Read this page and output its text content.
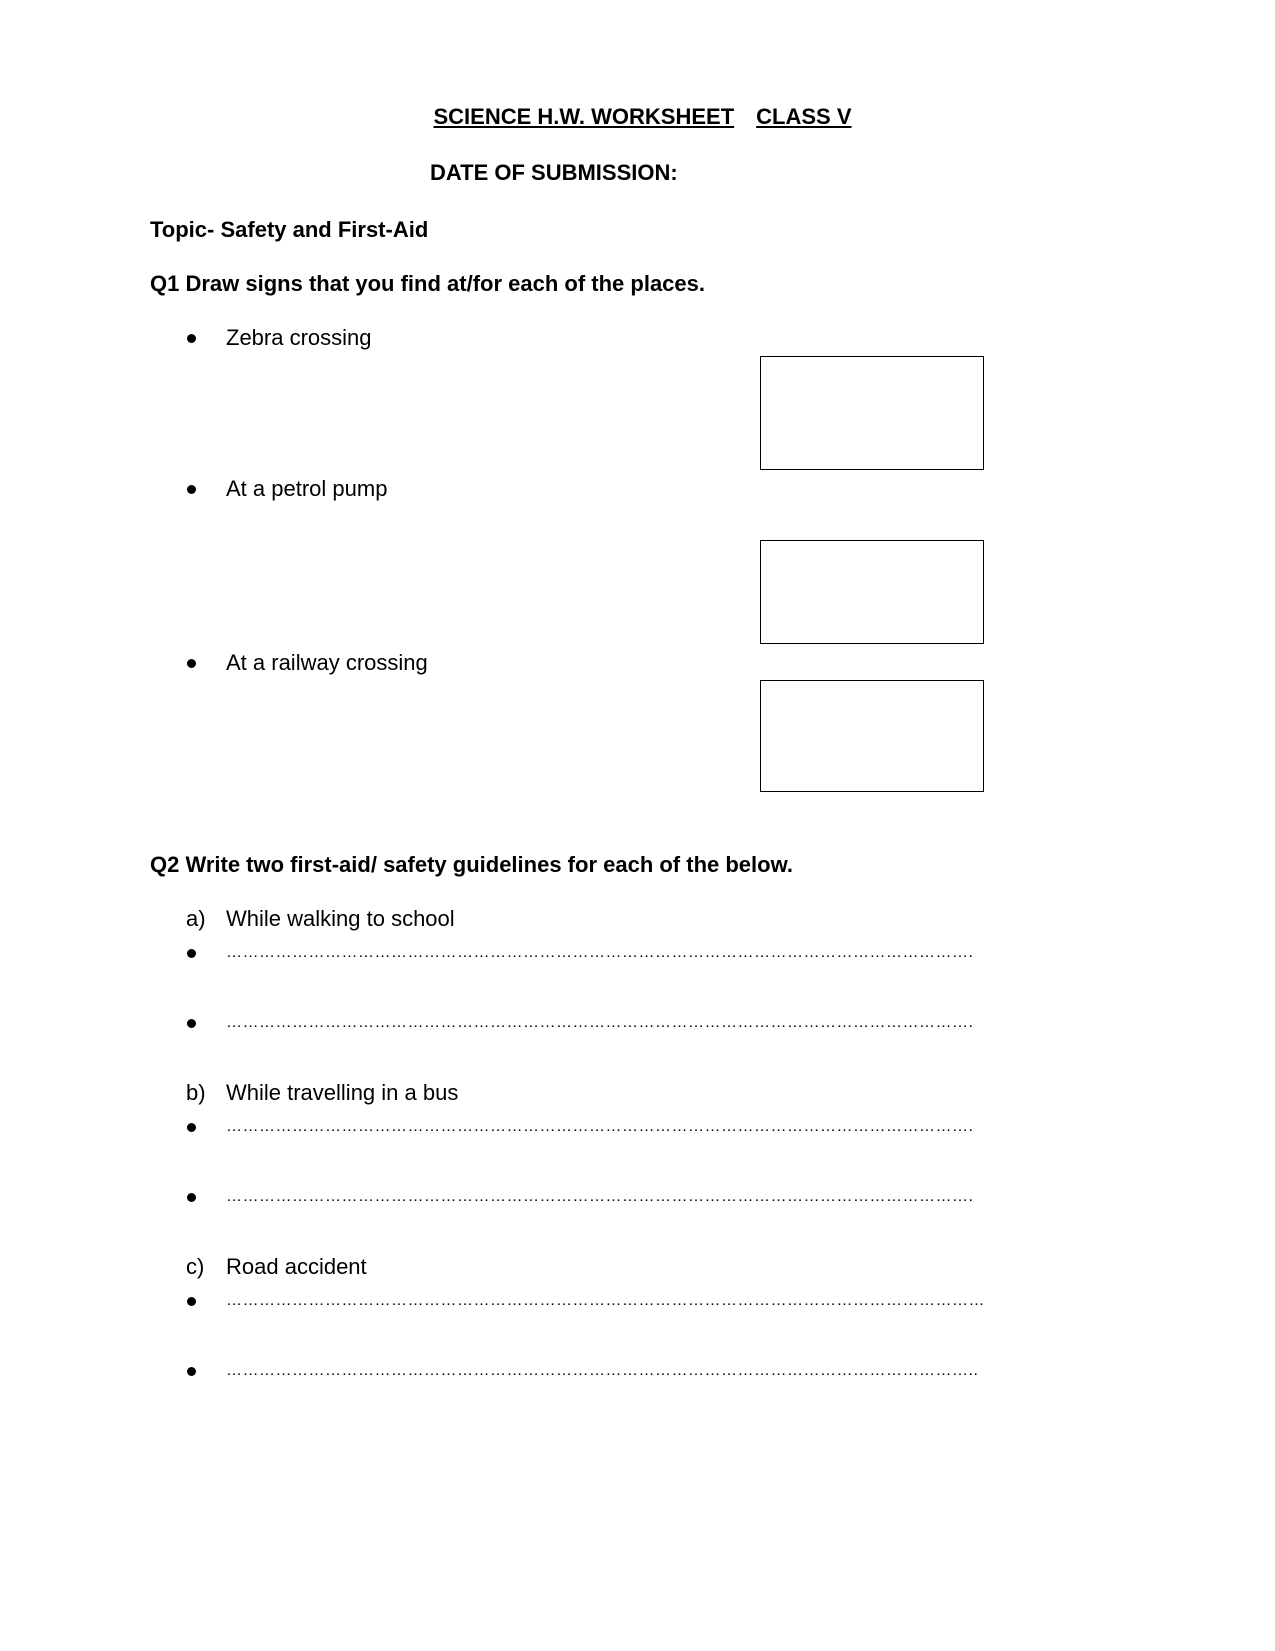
SCIENCE H.W. WORKSHEET CLASS V
DATE OF SUBMISSION:
Topic- Safety and First-Aid
Q1 Draw signs that you find at/for each of the places.
Zebra crossing
At a petrol pump
At a railway crossing
Q2 Write two first-aid/ safety guidelines for each of the below.
a) While walking to school
……………………………………………………………………………………………………………………….
……………………………………………………………………………………………………………………….
b) While travelling in a bus
……………………………………………………………………………………………………………………….
……………………………………………………………………………………………………………………….
c) Road accident
…………………………………………………………………………………………………………………………
………………………………………………………………………………………………………………………..
